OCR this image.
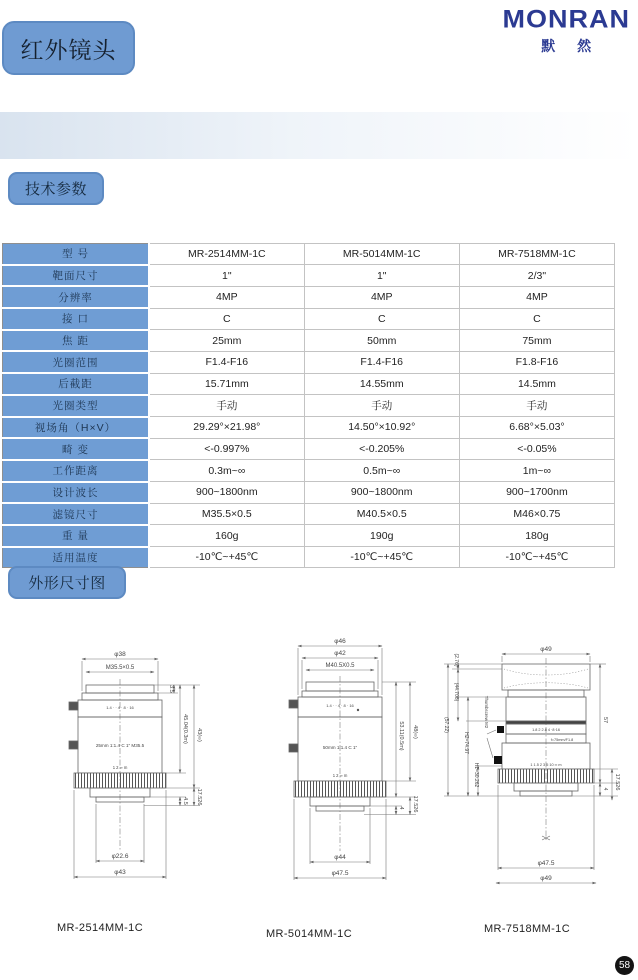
红外镜头
MONRAN
默 然
技术参数
型 号	MR-2514MM-1C	MR-5014MM-1C	MR-7518MM-1C
靶面尺寸	1"	1"	2/3"
分辨率	4MP	4MP	4MP
接 口	C	C	C
焦 距	25mm	50mm	75mm
光圈范围	F1.4-F16	F1.4-F16	F1.8-F16
后截距	15.71mm	14.55mm	14.5mm
光圈类型	手动	手动	手动
视场角（H×V）	29.29°×21.98°	14.50°×10.92°	6.68°×5.03°
畸 变	<-0.997%	<-0.205%	<-0.05%
工作距离	0.3m~∞	0.5m~∞	1m~∞
设计波长	900~1800nm	900~1800nm	900~1700nm
滤镜尺寸	M35.5×0.5	M40.5×0.5	M46×0.75
重 量	160g	190g	180g
适用温度	-10℃~+45℃	-10℃~+45℃	-10℃~+45℃
外形尺寸图
φ38
M35.5×0.5
φ22.6
φ43
3.5
45.04(0.3m) 43(∞)
17.526
4.5
1.4 · · 4 · 8 · 16
25mm 1:1.4 C 1″ M35.5
1 2 ∞ m
φ46
φ42
M40.5X0.5
φ44
φ47.5
53.11(0.5m) 48(∞)
17.526
4
1.4 · · 4 · 8 · 16
50mm 1:1.4 C 1″
1 2 ∞ m
φ49
φ47.5
φ49
57
4 17.526
(57.22)
(2.76)
(44.708)
H2=74.97
H1=30.262
Thumbscrew M2
1.8 2 2.8 4 ·8·16
f=75mm/F1.8
1 1.5 2 3 5 10 ∞ m
MR-2514MM-1C	MR-5014MM-1C	MR-7518MM-1C
58
